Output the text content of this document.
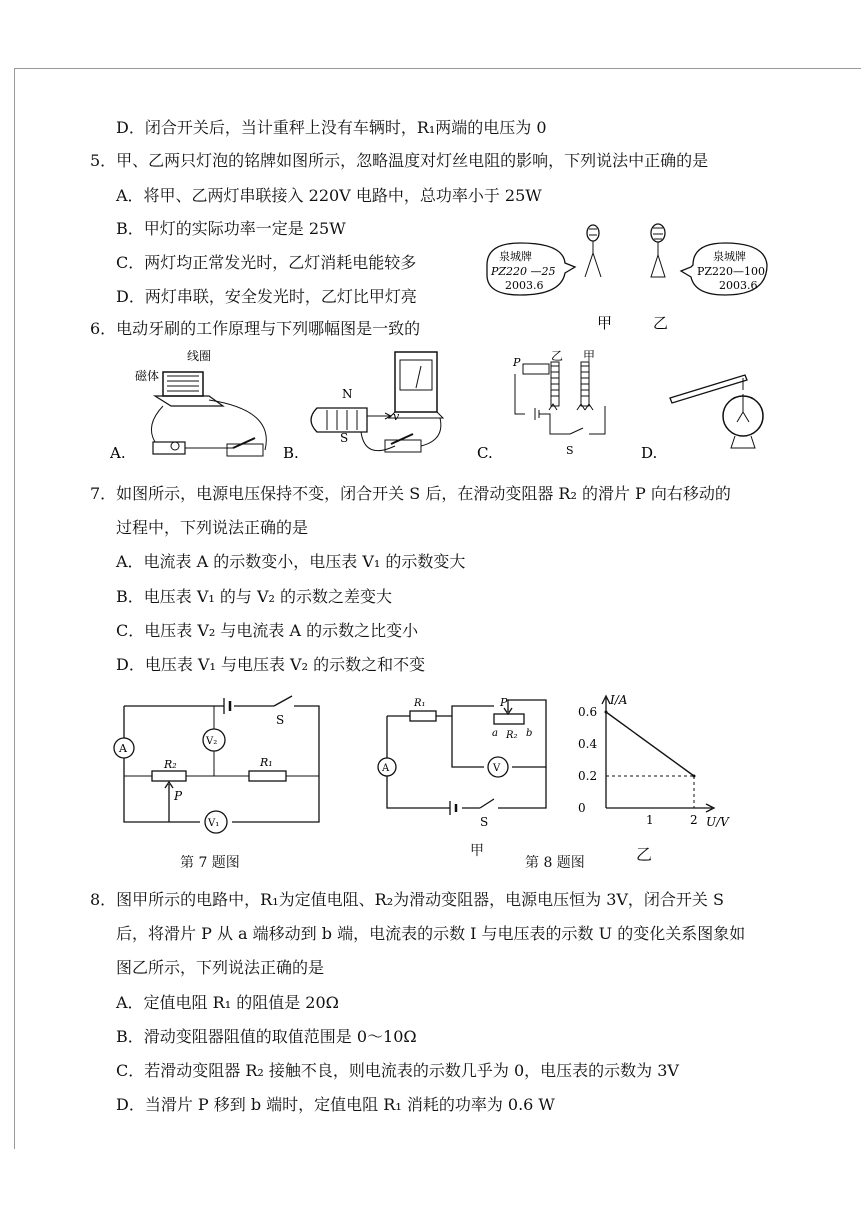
D．闭合开关后，当计重秤上没有车辆时，R₁两端的电压为 0
5．甲、乙两只灯泡的铭牌如图所示，忽略温度对灯丝电阻的影响，下列说法中正确的是
A．将甲、乙两灯串联接入 220V 电路中，总功率小于 25W
B．甲灯的实际功率一定是 25W
C．两灯均正常发光时，乙灯消耗电能较多
D．两灯串联，安全发光时，乙灯比甲灯亮
6．电动牙刷的工作原理与下列哪幅图是一致的
7．如图所示，电源电压保持不变，闭合开关 S 后，在滑动变阻器 R₂ 的滑片 P 向右移动的
过程中，下列说法正确的是
A．电流表 A 的示数变小，电压表 V₁ 的示数变大
B．电压表 V₁ 的与 V₂ 的示数之差变大
C．电压表 V₂ 与电流表 A 的示数之比变小
D．电压表 V₁ 与电压表 V₂ 的示数之和不变
8．图甲所示的电路中，R₁为定值电阻、R₂为滑动变阻器，电源电压恒为 3V，闭合开关 S
后，将滑片 P 从 a 端移动到 b 端，电流表的示数 I 与电压表的示数 U 的变化关系图象如
图乙所示，下列说法正确的是
A．定值电阻 R₁ 的阻值是 20Ω
B．滑动变阻器阻值的取值范围是 0～10Ω
C．若滑动变阻器 R₂ 接触不良，则电流表的示数几乎为 0，电压表的示数为 3V
D．当滑片 P 移到 b 端时，定值电阻 R₁ 消耗的功率为 0.6 W
泉城牌
PZ220 —25
2003.6
泉城牌
PZ220—100
2003.6
甲	乙
线圈
磁体
A.
N
S
v
B.
P	乙 甲
S
C.	D.
A
V₂
R₂	R₁
P
V₁
S
第 7 题图
R₁	P
a R₂ b
A	V
S
甲
第 8 题图
I/A
U/V
0
0.2
0.4
0.6
1	2
乙
